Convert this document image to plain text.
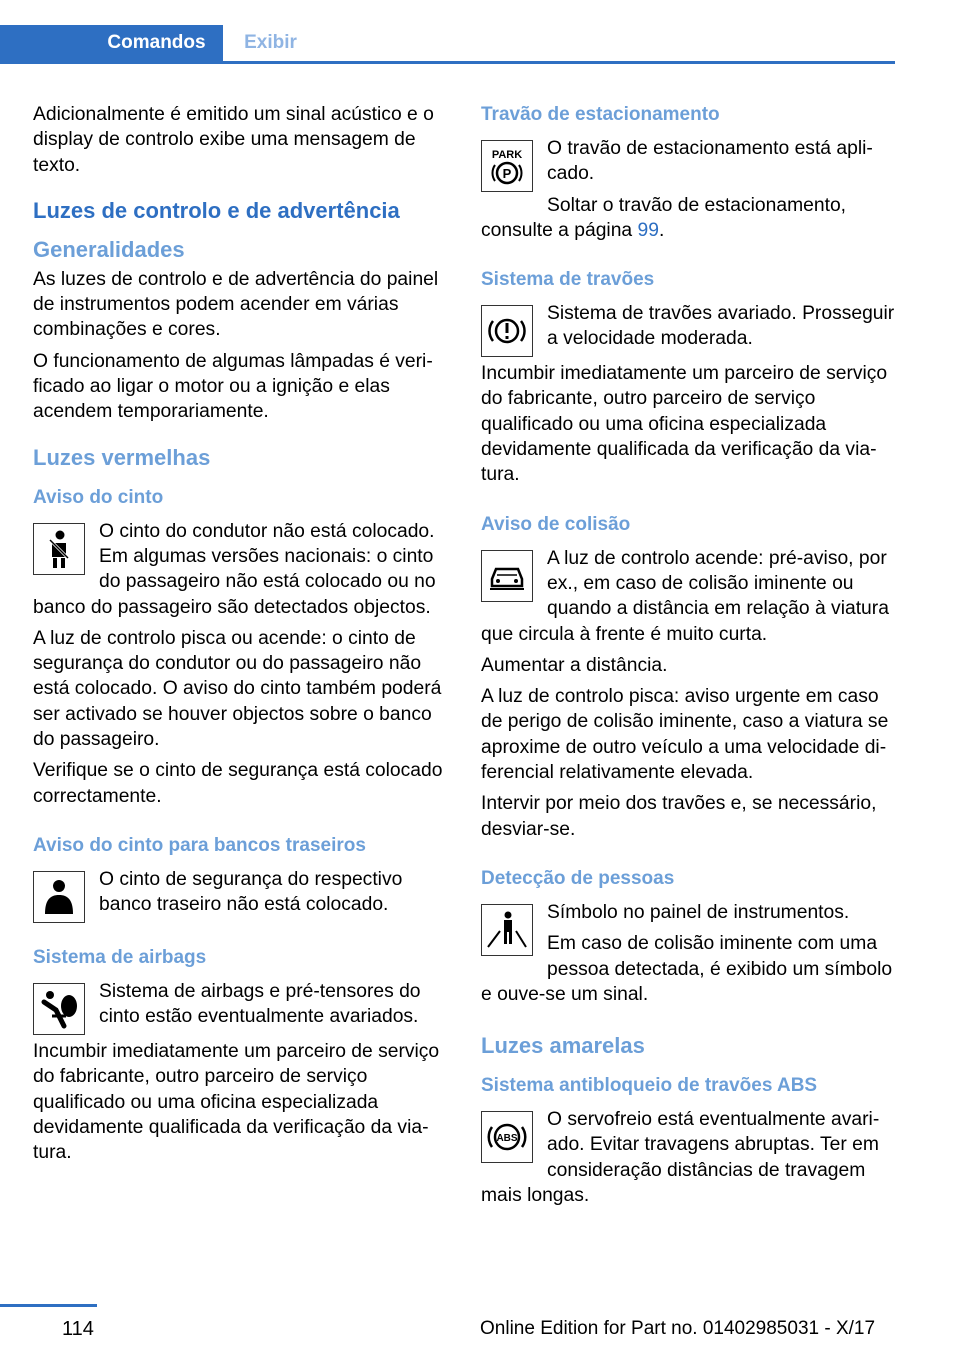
Comandos	Exibir

Adicionalmente é emitido um sinal acústico e o display de controlo exibe uma mensagem de texto.

Luzes de controlo e de advertência
Generalidades

As luzes de controlo e de advertência do painel de instrumentos podem acender em várias combinações e cores.

O funcionamento de algumas lâmpadas é verificado ao ligar o motor ou a ignição e elas acendem temporariamente.

Luzes vermelhas
Aviso do cinto

O cinto do condutor não está colocado. Em algumas versões nacionais: o cinto do passageiro não está colocado ou no banco do passageiro são detectados objectos.

A luz de controlo pisca ou acende: o cinto de segurança do condutor ou do passageiro não está colocado. O aviso do cinto também poderá ser activado se houver objectos sobre o banco do passageiro.

Verifique se o cinto de segurança está colocado correctamente.

Aviso do cinto para bancos traseiros

O cinto de segurança do respectivo banco traseiro não está colocado.

Sistema de airbags

Sistema de airbags e pré-tensores do cinto estão eventualmente avariados.

Incumbir imediatamente um parceiro de serviço do fabricante, outro parceiro de serviço qualificado ou uma oficina especializada devidamente qualificada da verificação da viatura.

Travão de estacionamento
PARK
P

O travão de estacionamento está aplicado.

Soltar o travão de estacionamento, consulte a página 99.

Sistema de travões

Sistema de travões avariado. Prosseguir a velocidade moderada.

Incumbir imediatamente um parceiro de serviço do fabricante, outro parceiro de serviço qualificado ou uma oficina especializada devidamente qualificada da verificação da viatura.

Aviso de colisão

A luz de controlo acende: pré-aviso, por ex., em caso de colisão iminente ou quando a distância em relação à viatura que circula à frente é muito curta.

Aumentar a distância.

A luz de controlo pisca: aviso urgente em caso de perigo de colisão iminente, caso a viatura se aproxime de outro veículo a uma velocidade diferencial relativamente elevada.

Intervir por meio dos travões e, se necessário, desviar-se.

Detecção de pessoas

Símbolo no painel de instrumentos.

Em caso de colisão iminente com uma pessoa detectada, é exibido um símbolo e ouve-se um sinal.

Luzes amarelas
Sistema antibloqueio de travões ABS
ABS

O servofreio está eventualmente avariado. Evitar travagens abruptas. Ter em consideração distâncias de travagem mais longas.

114	Online Edition for Part no. 01402985031 - X/17
